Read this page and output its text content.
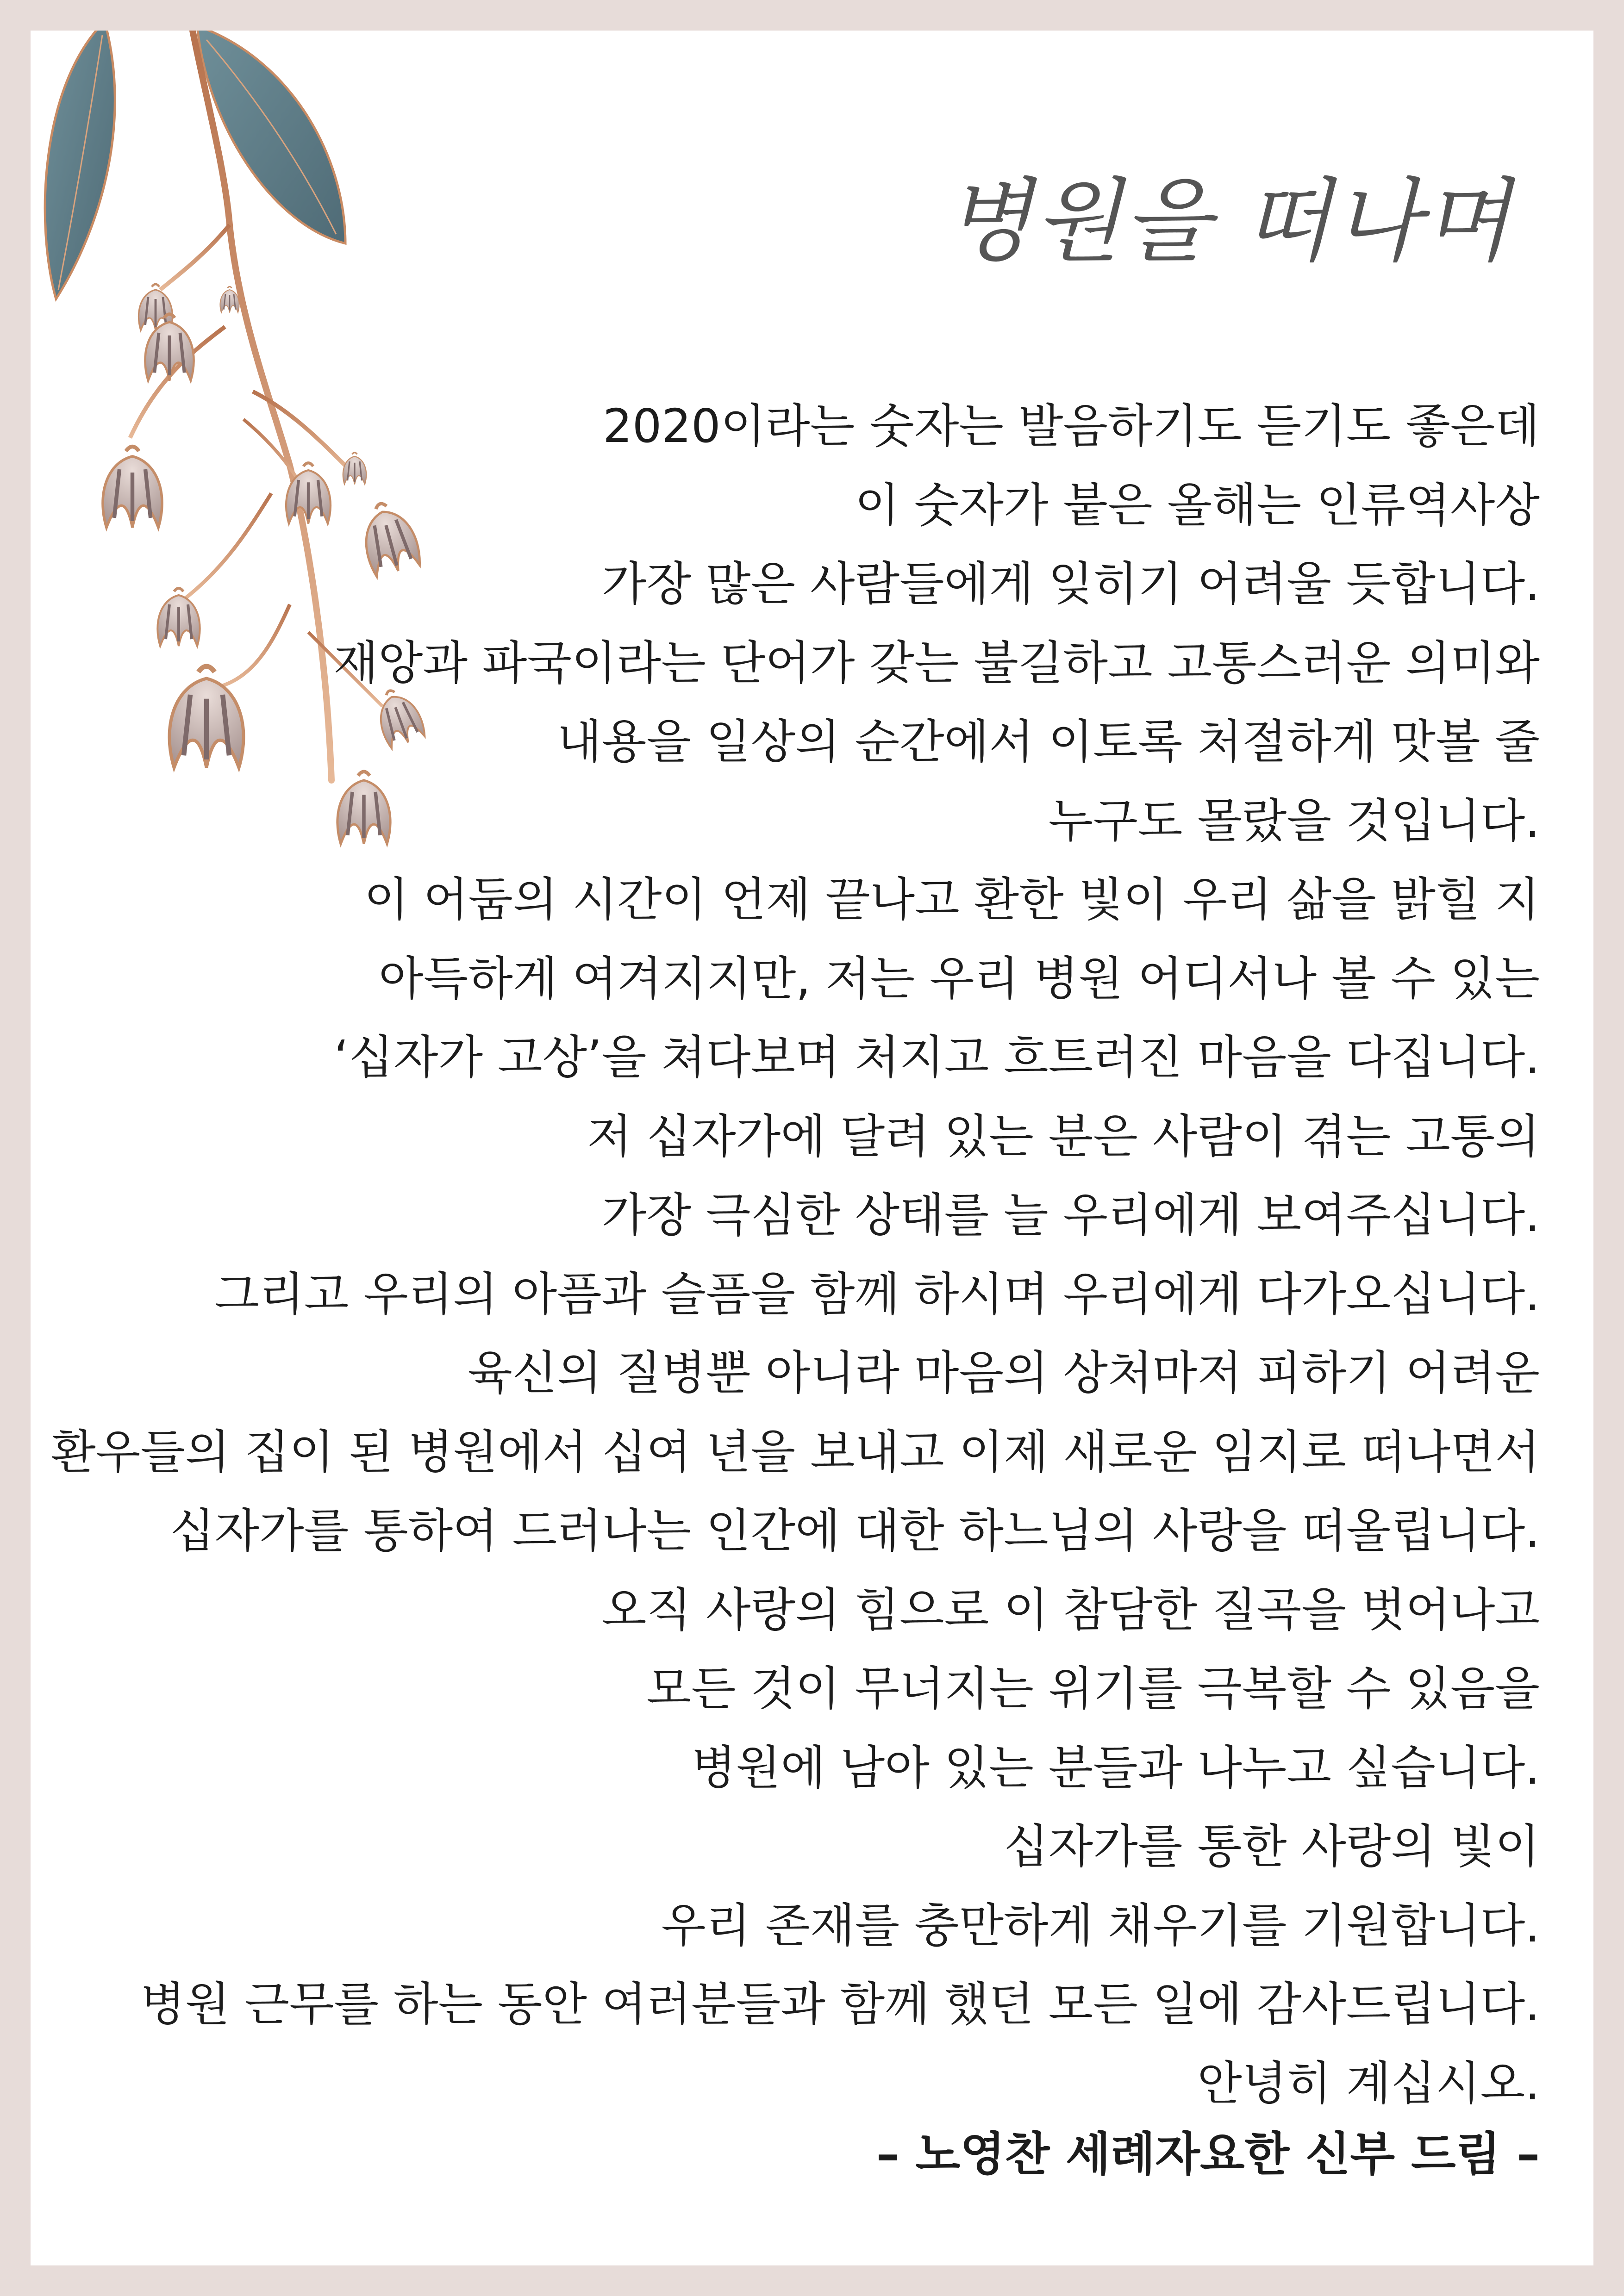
병원을 떠나며
2020이라는 숫자는 발음하기도 듣기도 좋은데
이 숫자가 붙은 올해는 인류역사상
가장 많은 사람들에게 잊히기 어려울 듯합니다.
재앙과 파국이라는 단어가 갖는 불길하고 고통스러운 의미와
내용을 일상의 순간에서 이토록 처절하게 맛볼 줄
누구도 몰랐을 것입니다.
이 어둠의 시간이 언제 끝나고 환한 빛이 우리 삶을 밝힐 지
아득하게 여겨지지만, 저는 우리 병원 어디서나 볼 수 있는
‘십자가 고상’을 쳐다보며 처지고 흐트러진 마음을 다집니다.
저 십자가에 달려 있는 분은 사람이 겪는 고통의
가장 극심한 상태를 늘 우리에게 보여주십니다.
그리고 우리의 아픔과 슬픔을 함께 하시며 우리에게 다가오십니다.
육신의 질병뿐 아니라 마음의 상처마저 피하기 어려운
환우들의 집이 된 병원에서 십여 년을 보내고 이제 새로운 임지로 떠나면서
십자가를 통하여 드러나는 인간에 대한 하느님의 사랑을 떠올립니다.
오직 사랑의 힘으로 이 참담한 질곡을 벗어나고
모든 것이 무너지는 위기를 극복할 수 있음을
병원에 남아 있는 분들과 나누고 싶습니다.
십자가를 통한 사랑의 빛이
우리 존재를 충만하게 채우기를 기원합니다.
병원 근무를 하는 동안 여러분들과 함께 했던 모든 일에 감사드립니다.
안녕히 계십시오.

– 노영찬 세례자요한 신부 드림 –
